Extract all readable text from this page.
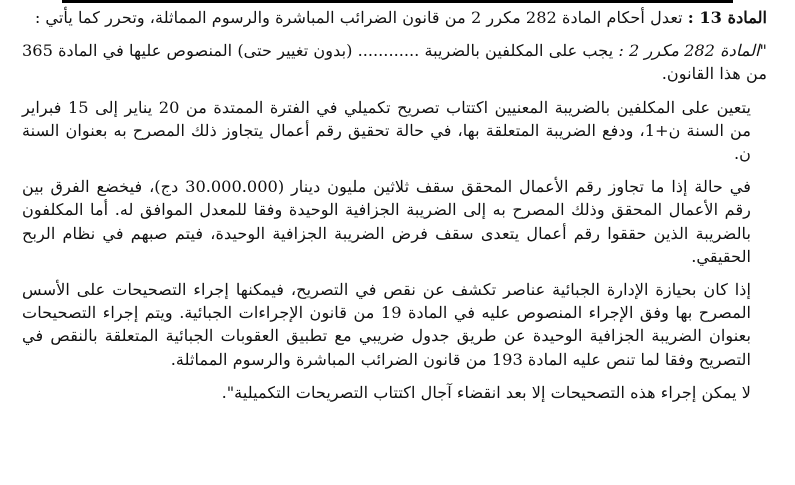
المادة 13 : تعدل أحكام المادة 282 مكرر 2 من قانون الضرائب المباشرة والرسوم المماثلة، وتحرر كما يأتي :

"المادة 282 مكرر 2 : يجب على المكلفين بالضريبة ............ (بدون تغيير حتى) المنصوص عليها في المادة 365 من هذا القانون.

يتعين على المكلفين بالضريبة المعنيين اكتتاب تصريح تكميلي في الفترة الممتدة من 20 يناير إلى 15 فبراير من السنة ن+1، ودفع الضريبة المتعلقة بها، في حالة تحقيق رقم أعمال يتجاوز ذلك المصرح به بعنوان السنة ن.

في حالة إذا ما تجاوز رقم الأعمال المحقق سقف ثلاثين مليون دينار (30.000.000 دج)، فيخضع الفرق بين رقم الأعمال المحقق وذلك المصرح به إلى الضريبة الجزافية الوحيدة وفقا للمعدل الموافق له. أما المكلفون بالضريبة الذين حققوا رقم أعمال يتعدى سقف فرض الضريبة الجزافية الوحيدة، فيتم صبهم في نظام الربح الحقيقي.

إذا كان بحيازة الإدارة الجبائية عناصر تكشف عن نقص في التصريح، فيمكنها إجراء التصحيحات على الأسس المصرح بها وفق الإجراء المنصوص عليه في المادة 19 من قانون الإجراءات الجبائية. ويتم إجراء التصحيحات بعنوان الضريبة الجزافية الوحيدة عن طريق جدول ضريبي مع تطبيق العقوبات الجبائية المتعلقة بالنقص في التصريح وفقا لما تنص عليه المادة 193 من قانون الضرائب المباشرة والرسوم المماثلة.

لا يمكن إجراء هذه التصحيحات إلا بعد انقضاء آجال اكتتاب التصريحات التكميلية".
